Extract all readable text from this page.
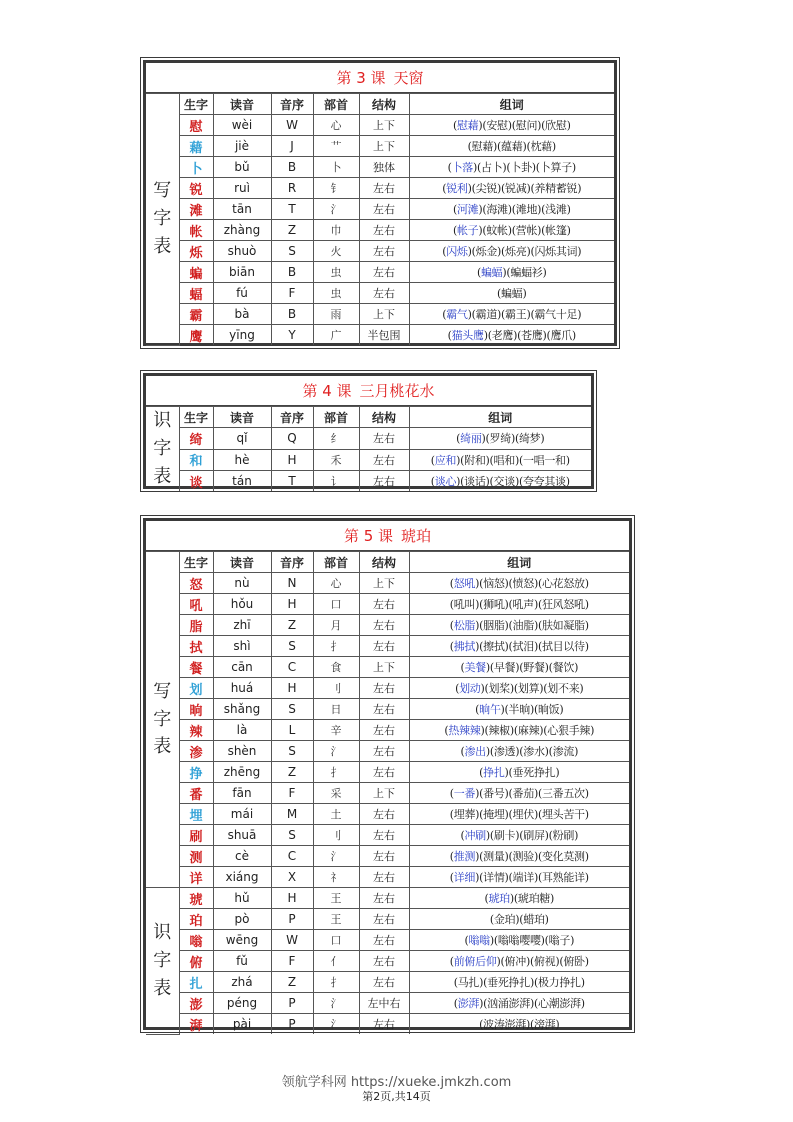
第 3 课 天窗
写
字
表	生字	读音	音序	部首	结构	组词
	慰	wèi	W	心	上下	(慰藉)(安慰)(慰问)(欣慰)
	藉	jiè	J	艹	上下	(慰藉)(蕴藉)(枕藉)
	卜	bǔ	B	卜	独体	(卜落)(占卜)(卜卦)(卜算子)
	锐	ruì	R	钅	左右	(锐利)(尖锐)(锐减)(养精蓄锐)
	滩	tān	T	氵	左右	(河滩)(海滩)(滩地)(浅滩)
	帐	zhàng	Z	巾	左右	(帐子)(蚊帐)(营帐)(帐篷)
	烁	shuò	S	火	左右	(闪烁)(烁金)(烁亮)(闪烁其词)
	蝙	biān	B	虫	左右	(蝙蝠)(蝙蝠衫)
	蝠	fú	F	虫	左右	(蝙蝠)
	霸	bà	B	雨	上下	(霸气)(霸道)(霸王)(霸气十足)
	鹰	yīng	Y	广	半包围	(猫头鹰)(老鹰)(苍鹰)(鹰爪)
第 4 课 三月桃花水
识
字
表	生字	读音	音序	部首	结构	组词
	绮	qǐ	Q	纟	左右	(绮丽)(罗绮)(绮梦)
	和	hè	H	禾	左右	(应和)(附和)(唱和)(一唱一和)
	谈	tán	T	讠	左右	(谈心)(谈话)(交谈)(夸夸其谈)
第 5 课 琥珀
写
字
表	生字	读音	音序	部首	结构	组词
	怒	nù	N	心	上下	(怒吼)(恼怒)(愤怒)(心花怒放)
	吼	hǒu	H	口	左右	(吼叫)(狮吼)(吼声)(狂风怒吼)
	脂	zhī	Z	月	左右	(松脂)(胭脂)(油脂)(肤如凝脂)
	拭	shì	S	扌	左右	(拂拭)(擦拭)(拭泪)(拭目以待)
	餐	cān	C	食	上下	(美餐)(早餐)(野餐)(餐饮)
	划	huá	H	刂	左右	(划动)(划桨)(划算)(划不来)
	晌	shǎng	S	日	左右	(晌午)(半晌)(晌饭)
	辣	là	L	辛	左右	(热辣辣)(辣椒)(麻辣)(心狠手辣)
	渗	shèn	S	氵	左右	(渗出)(渗透)(渗水)(渗流)
	挣	zhēng	Z	扌	左右	(挣扎)(垂死挣扎)
	番	fān	F	采	上下	(一番)(番号)(番茄)(三番五次)
	埋	mái	M	土	左右	(埋葬)(掩埋)(埋伏)(埋头苦干)
	刷	shuā	S	刂	左右	(冲刷)(刷卡)(刷屏)(粉刷)
	测	cè	C	氵	左右	(推测)(测量)(测验)(变化莫测)
	详	xiáng	X	礻	左右	(详细)(详情)(端详)(耳熟能详)

识
字
表	琥	hǔ	H	王	左右	(琥珀)(琥珀糖)
	珀	pò	P	王	左右	(金珀)(蜡珀)
	嗡	wēng	W	口	左右	(嗡嗡)(嗡嗡嘤嘤)(嗡子)
	俯	fǔ	F	亻	左右	(前俯后仰)(俯冲)(俯视)(俯卧)
	扎	zhá	Z	扌	左右	(马扎)(垂死挣扎)(极力挣扎)
	澎	péng	P	氵	左中右	(澎湃)(汹涌澎湃)(心潮澎湃)
	湃	pài	P	氵	左右	(波涛澎湃)(滂湃)
领航学科网 https://xueke.jmkzh.com
第2页,共14页
